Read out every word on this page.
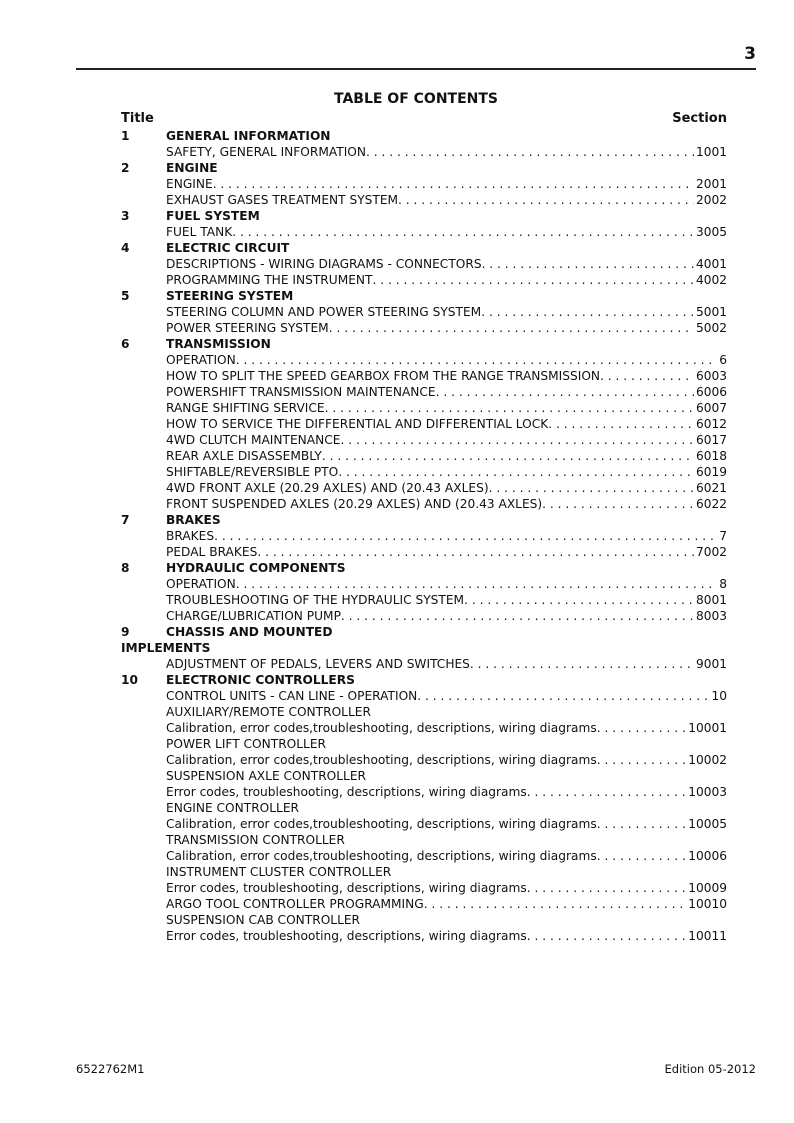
3
TABLE OF CONTENTS
Title	Section
1	GENERAL INFORMATION
SAFETY, GENERAL INFORMATION . . .	1001
2	ENGINE
ENGINE . . .	2001
EXHAUST GASES TREATMENT SYSTEM . . .	2002
3	FUEL SYSTEM
FUEL TANK . . .	3005
4	ELECTRIC CIRCUIT
DESCRIPTIONS - WIRING DIAGRAMS - CONNECTORS . . .	4001
PROGRAMMING THE INSTRUMENT . . .	4002
5	STEERING SYSTEM
STEERING COLUMN AND POWER STEERING SYSTEM . . .	5001
POWER STEERING SYSTEM . . .	5002
6	TRANSMISSION
OPERATION . . .	6
HOW TO SPLIT THE SPEED GEARBOX FROM THE RANGE TRANSMISSION . . .	6003
POWERSHIFT TRANSMISSION MAINTENANCE . . .	6006
RANGE SHIFTING SERVICE . . .	6007
HOW TO SERVICE THE DIFFERENTIAL AND DIFFERENTIAL LOCK . . .	6012
4WD CLUTCH MAINTENANCE . . .	6017
REAR AXLE DISASSEMBLY . . .	6018
SHIFTABLE/REVERSIBLE PTO . . .	6019
4WD FRONT AXLE (20.29 AXLES) AND (20.43 AXLES) . . .	6021
FRONT SUSPENDED AXLES (20.29 AXLES) AND (20.43 AXLES) . . .	6022
7	BRAKES
BRAKES . . .	7
PEDAL BRAKES . . .	7002
8	HYDRAULIC COMPONENTS
OPERATION . . .	8
TROUBLESHOOTING OF THE HYDRAULIC SYSTEM . . .	8001
CHARGE/LUBRICATION PUMP . . .	8003
9	CHASSIS AND MOUNTED
IMPLEMENTS
ADJUSTMENT OF PEDALS, LEVERS AND SWITCHES . . .	9001
10	ELECTRONIC CONTROLLERS
CONTROL UNITS - CAN LINE - OPERATION . . .	10
AUXILIARY/REMOTE CONTROLLER
Calibration, error codes,troubleshooting, descriptions, wiring diagrams . . .	10001
POWER LIFT CONTROLLER
Calibration, error codes,troubleshooting, descriptions, wiring diagrams . . .	10002
SUSPENSION AXLE CONTROLLER
Error codes, troubleshooting, descriptions, wiring diagrams . . .	10003
ENGINE CONTROLLER
Calibration, error codes,troubleshooting, descriptions, wiring diagrams . . .	10005
TRANSMISSION CONTROLLER
Calibration, error codes,troubleshooting, descriptions, wiring diagrams . . .	10006
INSTRUMENT CLUSTER CONTROLLER
Error codes, troubleshooting, descriptions, wiring diagrams . . .	10009
ARGO TOOL CONTROLLER PROGRAMMING . . .	10010
SUSPENSION CAB CONTROLLER
Error codes, troubleshooting, descriptions, wiring diagrams . . .	10011
6522762M1	Edition 05-2012
